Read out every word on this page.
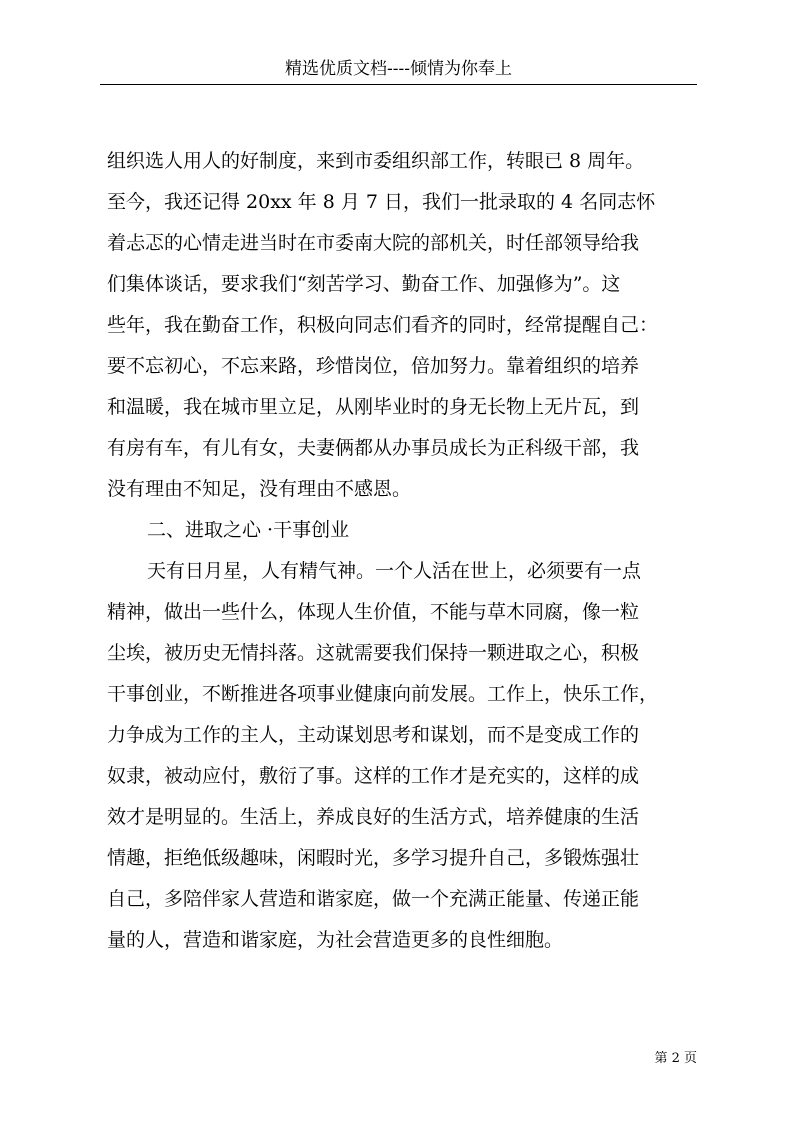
精选优质文档----倾情为你奉上
组织选人用人的好制度，来到市委组织部工作，转眼已 8 周年。
至今，我还记得 20xx 年 8 月 7 日，我们一批录取的 4 名同志怀
着忐忑的心情走进当时在市委南大院的部机关，时任部领导给我
们集体谈话，要求我们“刻苦学习、勤奋工作、加强修为”。这
些年，我在勤奋工作，积极向同志们看齐的同时，经常提醒自己：
要不忘初心，不忘来路，珍惜岗位，倍加努力。靠着组织的培养
和温暖，我在城市里立足，从刚毕业时的身无长物上无片瓦，到
有房有车，有儿有女，夫妻俩都从办事员成长为正科级干部，我
没有理由不知足，没有理由不感恩。
二、进取之心 ·干事创业
天有日月星，人有精气神。一个人活在世上，必须要有一点
精神，做出一些什么，体现人生价值，不能与草木同腐，像一粒
尘埃，被历史无情抖落。这就需要我们保持一颗进取之心，积极
干事创业，不断推进各项事业健康向前发展。工作上，快乐工作，
力争成为工作的主人，主动谋划思考和谋划，而不是变成工作的
奴隶，被动应付，敷衍了事。这样的工作才是充实的，这样的成
效才是明显的。生活上，养成良好的生活方式，培养健康的生活
情趣，拒绝低级趣味，闲暇时光，多学习提升自己，多锻炼强壮
自己，多陪伴家人营造和谐家庭，做一个充满正能量、传递正能
量的人，营造和谐家庭，为社会营造更多的良性细胞。
第 2 页
